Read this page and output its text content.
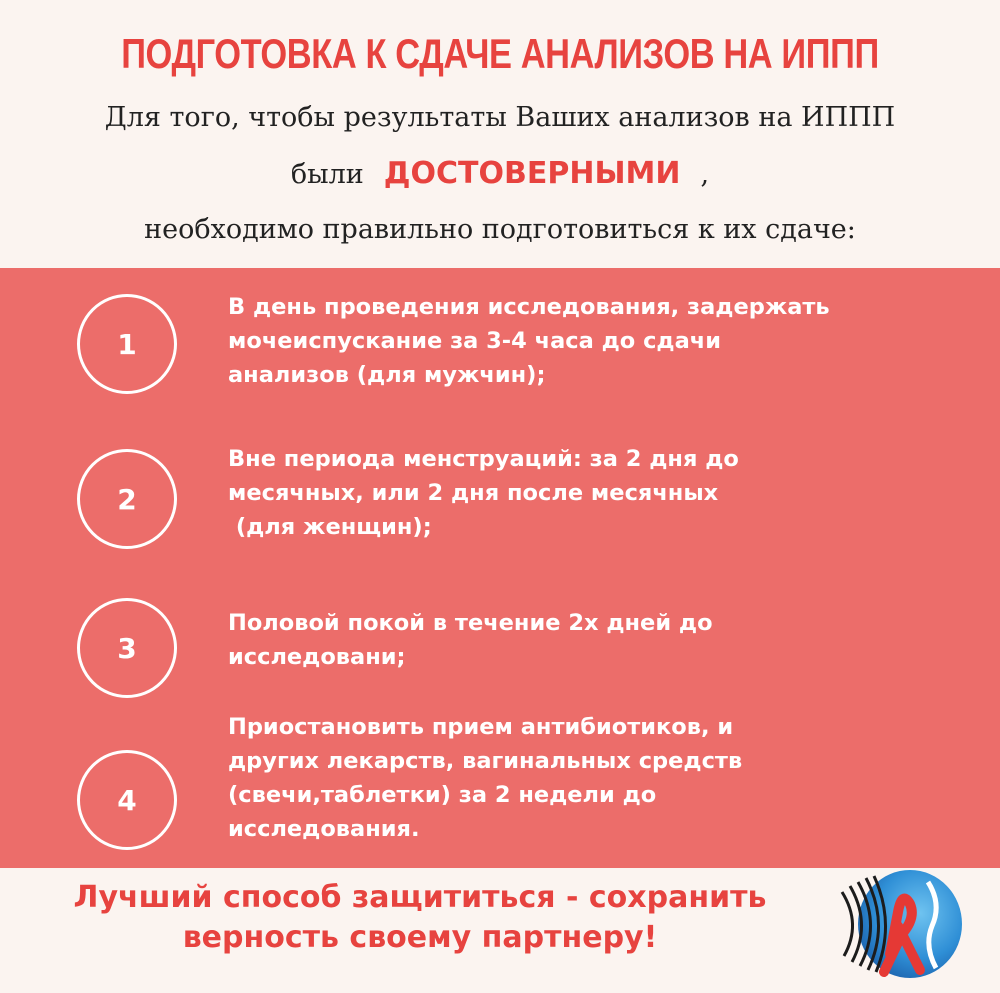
ПОДГОТОВКА К СДАЧЕ АНАЛИЗОВ НА ИППП
Для того, чтобы результаты Ваших анализов на ИППП
были ДОСТОВЕРНЫМИ ,
необходимо правильно подготовиться к их сдаче:
1
В день проведения исследования, задержать
мочеиспускание за 3-4 часа до сдачи
анализов (для мужчин);
2
Вне периода менструаций: за 2 дня до
месячных, или 2 дня после месячных
(для женщин);
3
Половой покой в течение 2х дней до
исследовани;
4
Приостановить прием антибиотиков, и
других лекарств, вагинальных средств
(свечи,таблетки) за 2 недели до
исследования.
Лучший способ защититься - сохранить
верность своему партнеру!
